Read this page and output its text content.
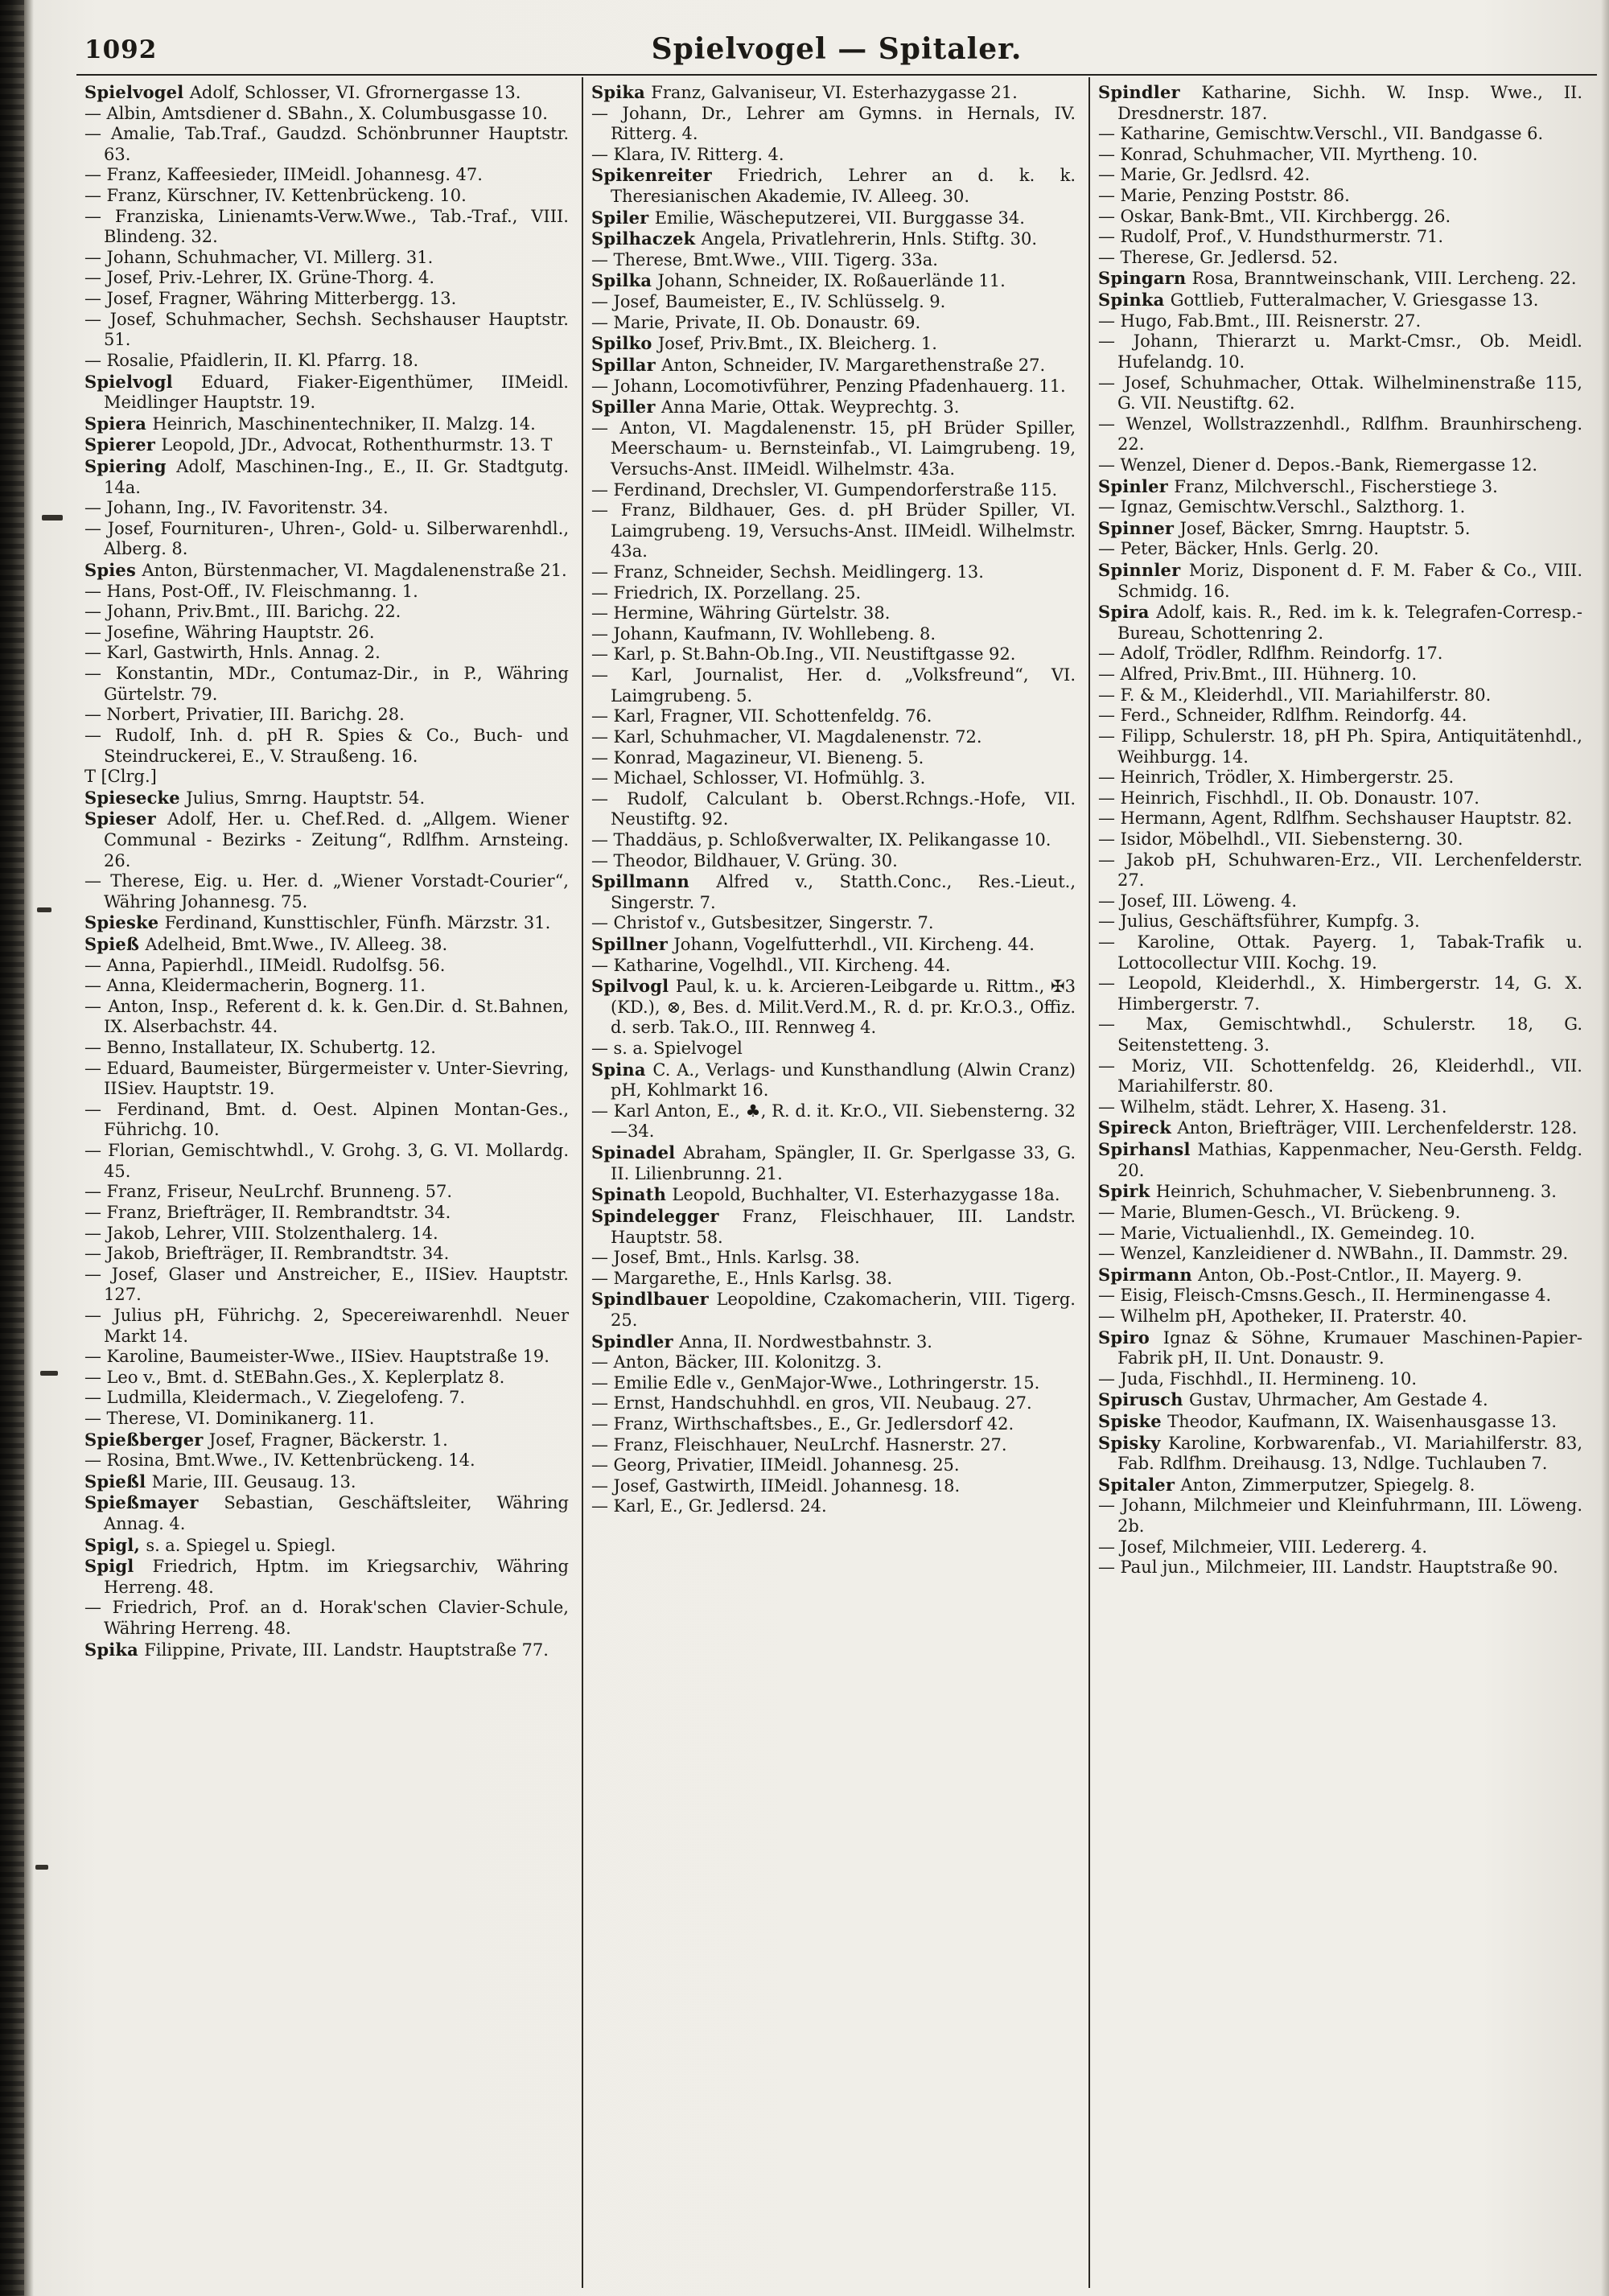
1092	Spielvogel — Spitaler.
Spielvogel Adolf, Schlosser, VI. Gfrornergasse 13.
— Albin, Amtsdiener d. SBahn., X. Columbusgasse 10.
— Amalie, Tab.Traf., Gaudzd. Schönbrunner Hauptstr. 63.
— Franz, Kaffeesieder, IIMeidl. Johannesg. 47.
— Franz, Kürschner, IV. Kettenbrückeng. 10.
— Franziska, Linienamts-Verw.Wwe., Tab.-Traf., VIII. Blindeng. 32.
— Johann, Schuhmacher, VI. Millerg. 31.
— Josef, Priv.-Lehrer, IX. Grüne-Thorg. 4.
— Josef, Fragner, Währing Mitterbergg. 13.
— Josef, Schuhmacher, Sechsh. Sechshauser Hauptstr. 51.
— Rosalie, Pfaidlerin, II. Kl. Pfarrg. 18.
Spielvogl Eduard, Fiaker-Eigenthümer, IIMeidl. Meidlinger Hauptstr. 19.
Spiera Heinrich, Maschinentechniker, II. Malzg. 14.
Spierer Leopold, JDr., Advocat, Rothenthurmstr. 13. T
Spiering Adolf, Maschinen-Ing., E., II. Gr. Stadtgutg. 14a.
— Johann, Ing., IV. Favoritenstr. 34.
— Josef, Fournituren-, Uhren-, Gold- u. Silberwarenhdl., Alberg. 8.
Spies Anton, Bürstenmacher, VI. Magdalenenstraße 21.
— Hans, Post-Off., IV. Fleischmanng. 1.
— Johann, Priv.Bmt., III. Barichg. 22.
— Josefine, Währing Hauptstr. 26.
— Karl, Gastwirth, Hnls. Annag. 2.
— Konstantin, MDr., Contumaz-Dir., in P., Währing Gürtelstr. 79.
— Norbert, Privatier, III. Barichg. 28.
— Rudolf, Inh. d. pH R. Spies & Co., Buch- und Steindruckerei, E., V. Straußeng. 16.
T [Clrg.]
Spiesecke Julius, Smrng. Hauptstr. 54.
Spieser Adolf, Her. u. Chef.Red. d. „Allgem. Wiener Communal - Bezirks - Zeitung“, Rdlfhm. Arnsteing. 26.
— Therese, Eig. u. Her. d. „Wiener Vorstadt-Courier“, Währing Johannesg. 75.
Spieske Ferdinand, Kunsttischler, Fünfh. Märzstr. 31.
Spieß Adelheid, Bmt.Wwe., IV. Alleeg. 38.
— Anna, Papierhdl., IIMeidl. Rudolfsg. 56.
— Anna, Kleidermacherin, Bognerg. 11.
— Anton, Insp., Referent d. k. k. Gen.Dir. d. St.Bahnen, IX. Alserbachstr. 44.
— Benno, Installateur, IX. Schubertg. 12.
— Eduard, Baumeister, Bürgermeister v. Unter-Sievring, IISiev. Hauptstr. 19.
— Ferdinand, Bmt. d. Oest. Alpinen Montan-Ges., Führichg. 10.
— Florian, Gemischtwhdl., V. Grohg. 3, G. VI. Mollardg. 45.
— Franz, Friseur, NeuLrchf. Brunneng. 57.
— Franz, Briefträger, II. Rembrandtstr. 34.
— Jakob, Lehrer, VIII. Stolzenthalerg. 14.
— Jakob, Briefträger, II. Rembrandtstr. 34.
— Josef, Glaser und Anstreicher, E., IISiev. Hauptstr. 127.
— Julius pH, Führichg. 2, Specereiwarenhdl. Neuer Markt 14.
— Karoline, Baumeister-Wwe., IISiev. Hauptstraße 19.
— Leo v., Bmt. d. StEBahn.Ges., X. Keplerplatz 8.
— Ludmilla, Kleidermach., V. Ziegelofeng. 7.
— Therese, VI. Dominikanerg. 11.
Spießberger Josef, Fragner, Bäckerstr. 1.
— Rosina, Bmt.Wwe., IV. Kettenbrückeng. 14.
Spießl Marie, III. Geusaug. 13.
Spießmayer Sebastian, Geschäftsleiter, Währing Annag. 4.
Spigl, s. a. Spiegel u. Spiegl.
Spigl Friedrich, Hptm. im Kriegsarchiv, Währing Herreng. 48.
— Friedrich, Prof. an d. Horak'schen Clavier-Schule, Währing Herreng. 48.
Spika Filippine, Private, III. Landstr. Hauptstraße 77.
Spika Franz, Galvaniseur, VI. Esterhazygasse 21.
— Johann, Dr., Lehrer am Gymns. in Hernals, IV. Ritterg. 4.
— Klara, IV. Ritterg. 4.
Spikenreiter Friedrich, Lehrer an d. k. k. Theresianischen Akademie, IV. Alleeg. 30.
Spiler Emilie, Wäscheputzerei, VII. Burggasse 34.
Spilhaczek Angela, Privatlehrerin, Hnls. Stiftg. 30.
— Therese, Bmt.Wwe., VIII. Tigerg. 33a.
Spilka Johann, Schneider, IX. Roßauerlände 11.
— Josef, Baumeister, E., IV. Schlüsselg. 9.
— Marie, Private, II. Ob. Donaustr. 69.
Spilko Josef, Priv.Bmt., IX. Bleicherg. 1.
Spillar Anton, Schneider, IV. Margarethenstraße 27.
— Johann, Locomotivführer, Penzing Pfadenhauerg. 11.
Spiller Anna Marie, Ottak. Weyprechtg. 3.
— Anton, VI. Magdalenenstr. 15, pH Brüder Spiller, Meerschaum- u. Bernsteinfab., VI. Laimgrubeng. 19, Versuchs-Anst. IIMeidl. Wilhelmstr. 43a.
— Ferdinand, Drechsler, VI. Gumpendorferstraße 115.
— Franz, Bildhauer, Ges. d. pH Brüder Spiller, VI. Laimgrubeng. 19, Versuchs-Anst. IIMeidl. Wilhelmstr. 43a.
— Franz, Schneider, Sechsh. Meidlingerg. 13.
— Friedrich, IX. Porzellang. 25.
— Hermine, Währing Gürtelstr. 38.
— Johann, Kaufmann, IV. Wohllebeng. 8.
— Karl, p. St.Bahn-Ob.Ing., VII. Neustiftgasse 92.
— Karl, Journalist, Her. d. „Volksfreund“, VI. Laimgrubeng. 5.
— Karl, Fragner, VII. Schottenfeldg. 76.
— Karl, Schuhmacher, VI. Magdalenenstr. 72.
— Konrad, Magazineur, VI. Bieneng. 5.
— Michael, Schlosser, VI. Hofmühlg. 3.
— Rudolf, Calculant b. Oberst.Rchngs.-Hofe, VII. Neustiftg. 92.
— Thaddäus, p. Schloßverwalter, IX. Pelikangasse 10.
— Theodor, Bildhauer, V. Grüng. 30.
Spillmann Alfred v., Statth.Conc., Res.-Lieut., Singerstr. 7.
— Christof v., Gutsbesitzer, Singerstr. 7.
Spillner Johann, Vogelfutterhdl., VII. Kircheng. 44.
— Katharine, Vogelhdl., VII. Kircheng. 44.
Spilvogl Paul, k. u. k. Arcieren-Leibgarde u. Rittm., ✠3 (KD.), ⊗, Bes. d. Milit.Verd.M., R. d. pr. Kr.O.3., Offiz. d. serb. Tak.O., III. Rennweg 4.
— s. a. Spielvogel
Spina C. A., Verlags- und Kunsthandlung (Alwin Cranz) pH, Kohlmarkt 16.
— Karl Anton, E., ♣, R. d. it. Kr.O., VII. Siebensterng. 32—34.
Spinadel Abraham, Spängler, II. Gr. Sperlgasse 33, G. II. Lilienbrunng. 21.
Spinath Leopold, Buchhalter, VI. Esterhazygasse 18a.
Spindelegger Franz, Fleischhauer, III. Landstr. Hauptstr. 58.
— Josef, Bmt., Hnls. Karlsg. 38.
— Margarethe, E., Hnls Karlsg. 38.
Spindlbauer Leopoldine, Czakomacherin, VIII. Tigerg. 25.
Spindler Anna, II. Nordwestbahnstr. 3.
— Anton, Bäcker, III. Kolonitzg. 3.
— Emilie Edle v., GenMajor-Wwe., Lothringerstr. 15.
— Ernst, Handschuhhdl. en gros, VII. Neubaug. 27.
— Franz, Wirthschaftsbes., E., Gr. Jedlersdorf 42.
— Franz, Fleischhauer, NeuLrchf. Hasnerstr. 27.
— Georg, Privatier, IIMeidl. Johannesg. 25.
— Josef, Gastwirth, IIMeidl. Johannesg. 18.
— Karl, E., Gr. Jedlersd. 24.
Spindler Katharine, Sichh. W. Insp. Wwe., II. Dresdnerstr. 187.
— Katharine, Gemischtw.Verschl., VII. Bandgasse 6.
— Konrad, Schuhmacher, VII. Myrtheng. 10.
— Marie, Gr. Jedlsrd. 42.
— Marie, Penzing Poststr. 86.
— Oskar, Bank-Bmt., VII. Kirchbergg. 26.
— Rudolf, Prof., V. Hundsthurmerstr. 71.
— Therese, Gr. Jedlersd. 52.
Spingarn Rosa, Branntweinschank, VIII. Lercheng. 22.
Spinka Gottlieb, Futteralmacher, V. Griesgasse 13.
— Hugo, Fab.Bmt., III. Reisnerstr. 27.
— Johann, Thierarzt u. Markt-Cmsr., Ob. Meidl. Hufelandg. 10.
— Josef, Schuhmacher, Ottak. Wilhelminenstraße 115, G. VII. Neustiftg. 62.
— Wenzel, Wollstrazzenhdl., Rdlfhm. Braunhirscheng. 22.
— Wenzel, Diener d. Depos.-Bank, Riemergasse 12.
Spinler Franz, Milchverschl., Fischerstiege 3.
— Ignaz, Gemischtw.Verschl., Salzthorg. 1.
Spinner Josef, Bäcker, Smrng. Hauptstr. 5.
— Peter, Bäcker, Hnls. Gerlg. 20.
Spinnler Moriz, Disponent d. F. M. Faber & Co., VIII. Schmidg. 16.
Spira Adolf, kais. R., Red. im k. k. Telegrafen-Corresp.-Bureau, Schottenring 2.
— Adolf, Trödler, Rdlfhm. Reindorfg. 17.
— Alfred, Priv.Bmt., III. Hühnerg. 10.
— F. & M., Kleiderhdl., VII. Mariahilferstr. 80.
— Ferd., Schneider, Rdlfhm. Reindorfg. 44.
— Filipp, Schulerstr. 18, pH Ph. Spira, Antiquitätenhdl., Weihburgg. 14.
— Heinrich, Trödler, X. Himbergerstr. 25.
— Heinrich, Fischhdl., II. Ob. Donaustr. 107.
— Hermann, Agent, Rdlfhm. Sechshauser Hauptstr. 82.
— Isidor, Möbelhdl., VII. Siebensterng. 30.
— Jakob pH, Schuhwaren-Erz., VII. Lerchenfelderstr. 27.
— Josef, III. Löweng. 4.
— Julius, Geschäftsführer, Kumpfg. 3.
— Karoline, Ottak. Payerg. 1, Tabak-Trafik u. Lottocollectur VIII. Kochg. 19.
— Leopold, Kleiderhdl., X. Himbergerstr. 14, G. X. Himbergerstr. 7.
— Max, Gemischtwhdl., Schulerstr. 18, G. Seitenstetteng. 3.
— Moriz, VII. Schottenfeldg. 26, Kleiderhdl., VII. Mariahilferstr. 80.
— Wilhelm, städt. Lehrer, X. Haseng. 31.
Spireck Anton, Briefträger, VIII. Lerchenfelderstr. 128.
Spirhansl Mathias, Kappenmacher, Neu-Gersth. Feldg. 20.
Spirk Heinrich, Schuhmacher, V. Siebenbrunneng. 3.
— Marie, Blumen-Gesch., VI. Brückeng. 9.
— Marie, Victualienhdl., IX. Gemeindeg. 10.
— Wenzel, Kanzleidiener d. NWBahn., II. Dammstr. 29.
Spirmann Anton, Ob.-Post-Cntlor., II. Mayerg. 9.
— Eisig, Fleisch-Cmsns.Gesch., II. Herminengasse 4.
— Wilhelm pH, Apotheker, II. Praterstr. 40.
Spiro Ignaz & Söhne, Krumauer Maschinen-Papier-Fabrik pH, II. Unt. Donaustr. 9.
— Juda, Fischhdl., II. Hermineng. 10.
Spirusch Gustav, Uhrmacher, Am Gestade 4.
Spiske Theodor, Kaufmann, IX. Waisenhausgasse 13.
Spisky Karoline, Korbwarenfab., VI. Mariahilferstr. 83, Fab. Rdlfhm. Dreihausg. 13, Ndlge. Tuchlauben 7.
Spitaler Anton, Zimmerputzer, Spiegelg. 8.
— Johann, Milchmeier und Kleinfuhrmann, III. Löweng. 2b.
— Josef, Milchmeier, VIII. Ledererg. 4.
— Paul jun., Milchmeier, III. Landstr. Hauptstraße 90.
